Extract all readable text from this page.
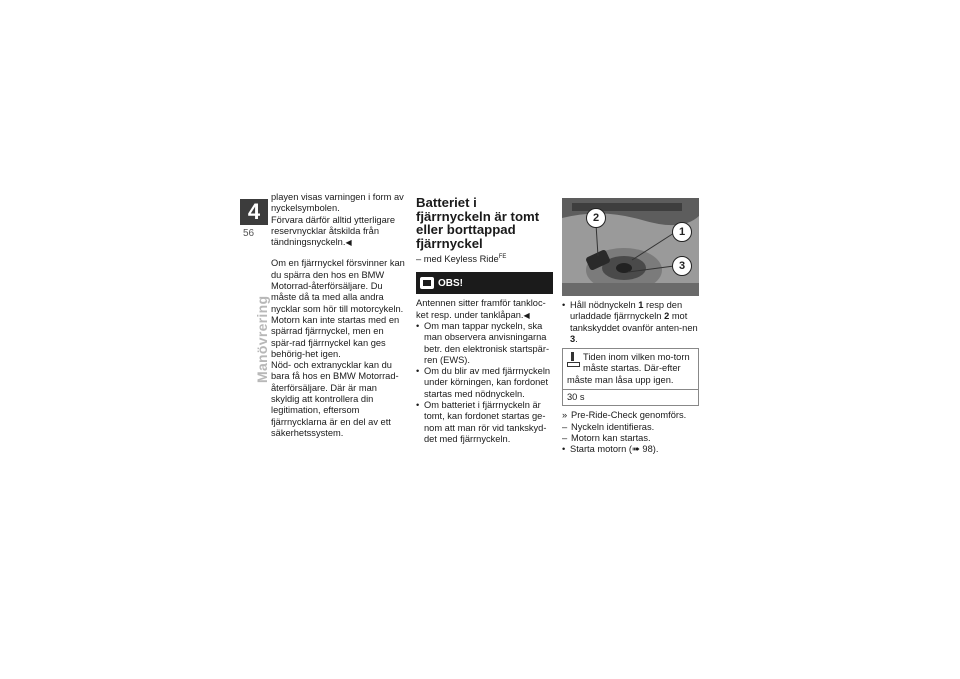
4
56
Manövrering

playen visas varningen i form av nyckelsymbolen.

Förvara därför alltid ytterligare reservnycklar åtskilda från tändningsnyckeln.◀

Om en fjärrnyckel försvinner kan du spärra den hos en BMW Motorrad-återförsäljare. Du måste då ta med alla andra nycklar som hör till motorcykeln. Motorn kan inte startas med en spärrad fjärrnyckel, men en spär-rad fjärrnyckel kan ges behörig-het igen.

Nöd- och extranycklar kan du bara få hos en BMW Motorrad-återförsäljare. Där är man skyldig att kontrollera din legitimation, eftersom fjärrnycklarna är en del av ett säkerhetssystem.

Batteriet i fjärrnyckeln är tomt eller borttappad fjärrnyckel

– med Keyless Ride$^{FE}$

OBS!

Antennen sitter framför tankloc-ket resp. under tanklåpan.◀

• Om man tappar nyckeln, ska man observera anvisningarna betr. den elektronisk startspär-ren (EWS).
• Om du blir av med fjärrnyckeln under körningen, kan fordonet startas med nödnyckeln.
• Om batteriet i fjärrnyckeln är tomt, kan fordonet startas ge-nom att man rör vid tankskyd-det med fjärrnyckeln.
2
1
3
• Håll nödnyckeln 1 resp den urladdade fjärrnyckeln 2 mot tankskyddet ovanför anten-nen 3.
Tiden inom vilken mo-torn måste startas. Där-efter måste man låsa upp igen.
30 s
» Pre-Ride-Check genomförs.
– Nyckeln identifieras.
– Motorn kan startas.
• Starta motorn (➠ 98).
